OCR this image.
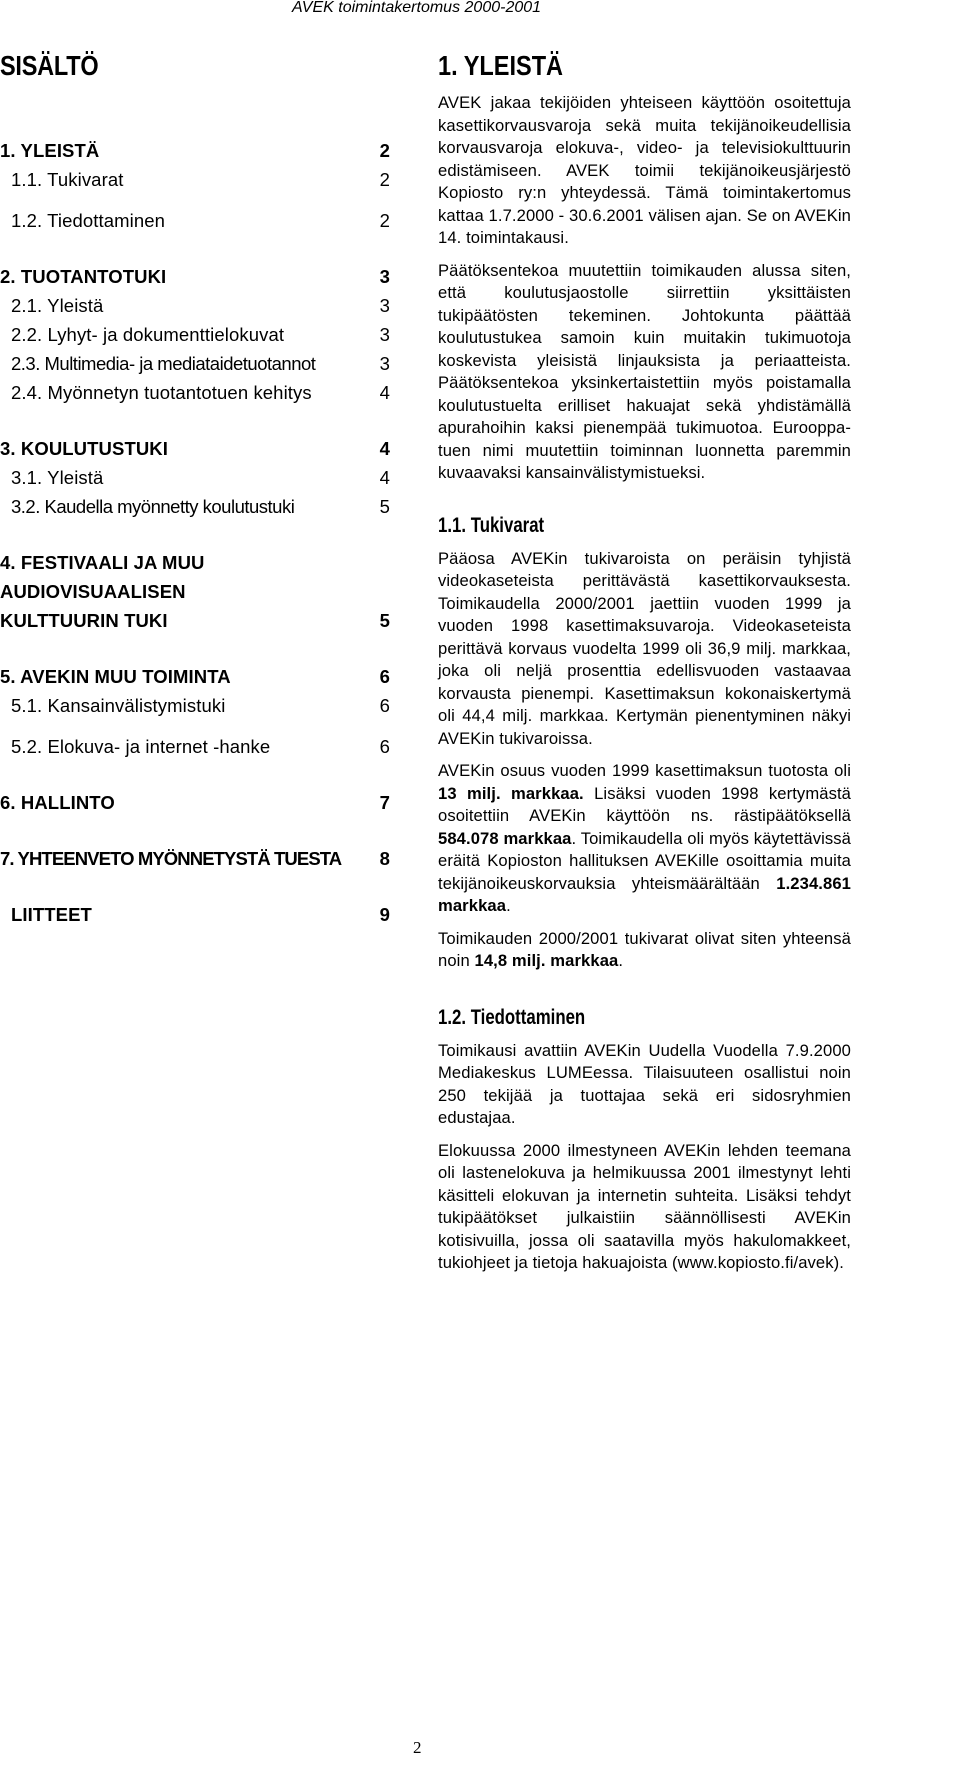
AVEK toimintakertomus 2000-2001
SISÄLTÖ
1. YLEISTÄ	2
1.1. Tukivarat	2
1.2. Tiedottaminen	2
2. TUOTANTOTUKI	3
2.1. Yleistä	3
2.2. Lyhyt- ja dokumenttielokuvat	3
2.3. Multimedia- ja mediataidetuotannot	3
2.4. Myönnetyn tuotantotuen kehitys	4
3. KOULUTUSTUKI	4
3.1. Yleistä	4
3.2. Kaudella myönnetty koulutustuki	5
4. FESTIVAALI JA MUU AUDIOVISUAALISEN KULTTUURIN TUKI	5
5. AVEKIN MUU TOIMINTA	6
5.1. Kansainvälistymistuki	6
5.2. Elokuva- ja internet -hanke	6
6. HALLINTO	7
7. YHTEENVETO MYÖNNETYSTÄ TUESTA 8
LIITTEET	9
1. YLEISTÄ

AVEK jakaa tekijöiden yhteiseen käyttöön osoitettuja kasettikorvausvaroja sekä muita tekijänoikeudellisia korvausvaroja elokuva-, video- ja televisiokulttuurin edistämiseen. AVEK toimii tekijänoikeusjärjestö Kopiosto ry:n yhteydessä. Tämä toimintakertomus kattaa 1.7.2000 - 30.6.2001 välisen ajan. Se on AVEKin 14. toimintakausi.

Päätöksentekoa muutettiin toimikauden alussa siten, että koulutusjaostolle siirrettiin yksittäisten tukipäätösten tekeminen. Johtokunta päättää koulutustukea samoin kuin muitakin tukimuotoja koskevista yleisistä linjauksista ja periaatteista. Päätöksentekoa yksinkertaistettiin myös poistamalla koulutustuelta erilliset hakuajat sekä yhdistämällä apurahoihin kaksi pienempää tukimuotoa. Eurooppa-tuen nimi muutettiin toiminnan luonnetta paremmin kuvaavaksi kansainvälistymistueksi.

1.1. Tukivarat

Pääosa AVEKin tukivaroista on peräisin tyhjistä videokaseteista perittävästä kasettikorvauksesta. Toimikaudella 2000/2001 jaettiin vuoden 1999 ja vuoden 1998 kasettimaksuvaroja. Videokaseteista perittävä korvaus vuodelta 1999 oli 36,9 milj. markkaa, joka oli neljä prosenttia edellisvuoden vastaavaa korvausta pienempi. Kasettimaksun kokonaiskertymä oli 44,4 milj. markkaa. Kertymän pienentyminen näkyi AVEKin tukivaroissa.

AVEKin osuus vuoden 1999 kasettimaksun tuotosta oli 13 milj. markkaa. Lisäksi vuoden 1998 kertymästä osoitettiin AVEKin käyttöön ns. rästipäätöksellä 584.078 markkaa. Toimikaudella oli myös käytettävissä eräitä Kopioston hallituksen AVEKille osoittamia muita tekijänoikeuskorvauksia yhteismäärältään 1.234.861 markkaa.

Toimikauden 2000/2001 tukivarat olivat siten yhteensä noin 14,8 milj. markkaa.

1.2. Tiedottaminen

Toimikausi avattiin AVEKin Uudella Vuodella 7.9.2000 Mediakeskus LUMEessa. Tilaisuuteen osallistui noin 250 tekijää ja tuottajaa sekä eri sidosryhmien edustajaa.

Elokuussa 2000 ilmestyneen AVEKin lehden teemana oli lastenelokuva ja helmikuussa 2001 ilmestynyt lehti käsitteli elokuvan ja internetin suhteita. Lisäksi tehdyt tukipäätökset julkaistiin säännöllisesti AVEKin kotisivuilla, jossa oli saatavilla myös hakulomakkeet, tukiohjeet ja tietoja hakuajoista (www.kopiosto.fi/avek).

2
